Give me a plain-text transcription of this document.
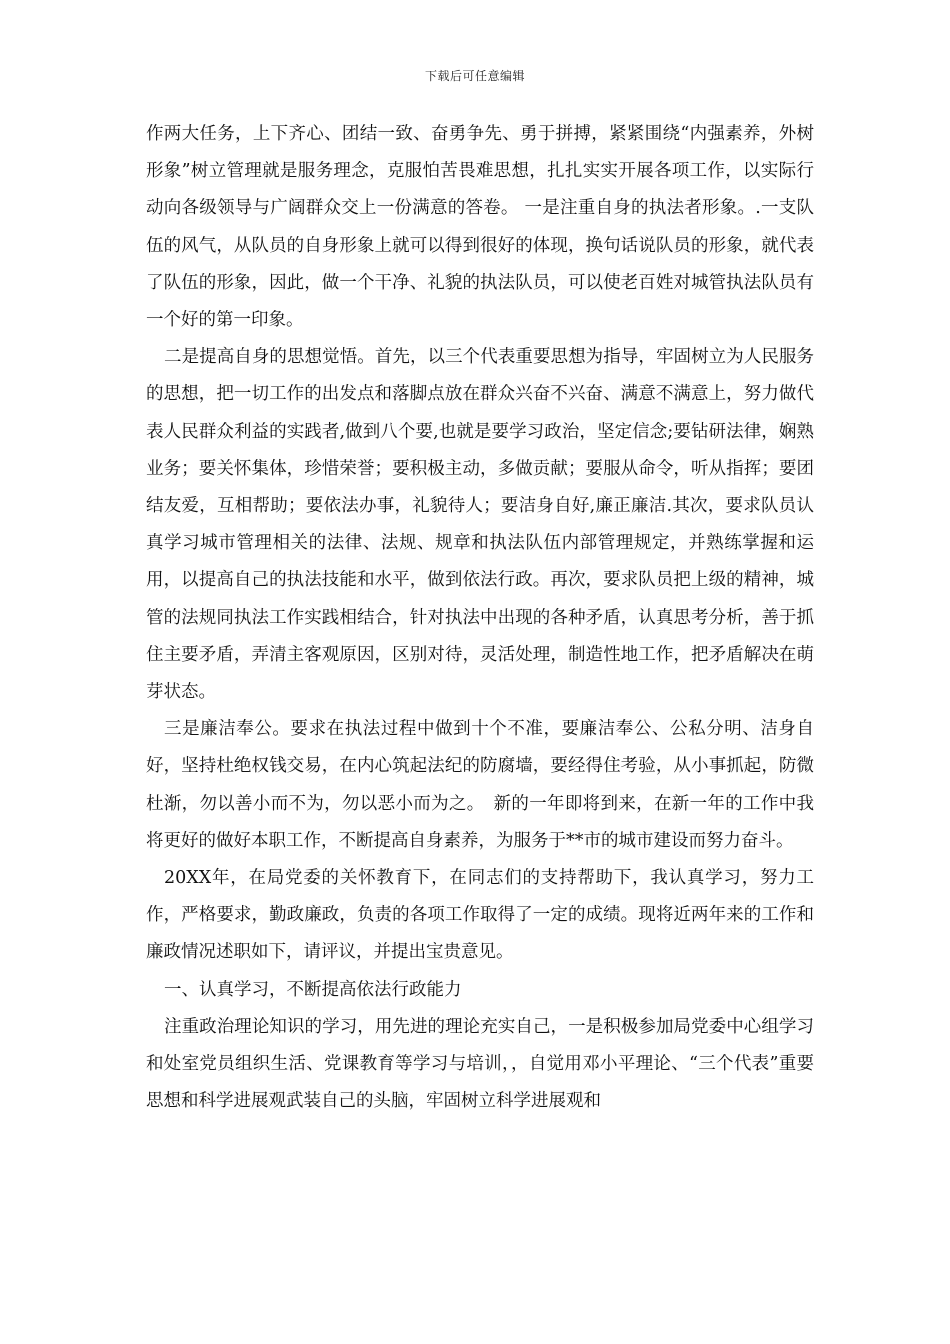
下载后可任意编辑

作两大任务，上下齐心、团结一致、奋勇争先、勇于拼搏，紧紧围绕“内强素养，外树形象”树立管理就是服务理念，克服怕苦畏难思想，扎扎实实开展各项工作，以实际行动向各级领导与广阔群众交上一份满意的答卷。 一是注重自身的执法者形象。.一支队伍的风气，从队员的自身形象上就可以得到很好的体现，换句话说队员的形象，就代表了队伍的形象，因此，做一个干净、礼貌的执法队员，可以使老百姓对城管执法队员有一个好的第一印象。

二是提高自身的思想觉悟。首先，以三个代表重要思想为指导，牢固树立为人民服务的思想，把一切工作的出发点和落脚点放在群众兴奋不兴奋、满意不满意上，努力做代表人民群众利益的实践者,做到八个要,也就是要学习政治，坚定信念;要钻研法律，娴熟业务；要关怀集体，珍惜荣誉；要积极主动，多做贡献；要服从命令，听从指挥；要团结友爱，互相帮助；要依法办事，礼貌待人；要洁身自好,廉正廉洁.其次，要求队员认真学习城市管理相关的法律、法规、规章和执法队伍内部管理规定，并熟练掌握和运用，以提高自己的执法技能和水平，做到依法行政。再次，要求队员把上级的精神，城管的法规同执法工作实践相结合，针对执法中出现的各种矛盾，认真思考分析，善于抓住主要矛盾，弄清主客观原因，区别对待，灵活处理，制造性地工作，把矛盾解决在萌芽状态。

三是廉洁奉公。要求在执法过程中做到十个不准，要廉洁奉公、公私分明、洁身自好，坚持杜绝权钱交易，在内心筑起法纪的防腐墙，要经得住考验，从小事抓起，防微杜渐，勿以善小而不为，勿以恶小而为之。　新的一年即将到来，在新一年的工作中我将更好的做好本职工作，不断提高自身素养，为服务于**市的城市建设而努力奋斗。

20XX年，在局党委的关怀教育下，在同志们的支持帮助下，我认真学习，努力工作，严格要求，勤政廉政，负责的各项工作取得了一定的成绩。现将近两年来的工作和廉政情况述职如下，请评议，并提出宝贵意见。

一、认真学习，不断提高依法行政能力

注重政治理论知识的学习，用先进的理论充实自己，一是积极参加局党委中心组学习和处室党员组织生活、党课教育等学习与培训，，自觉用邓小平理论、“三个代表”重要思想和科学进展观武装自己的头脑，牢固树立科学进展观和
